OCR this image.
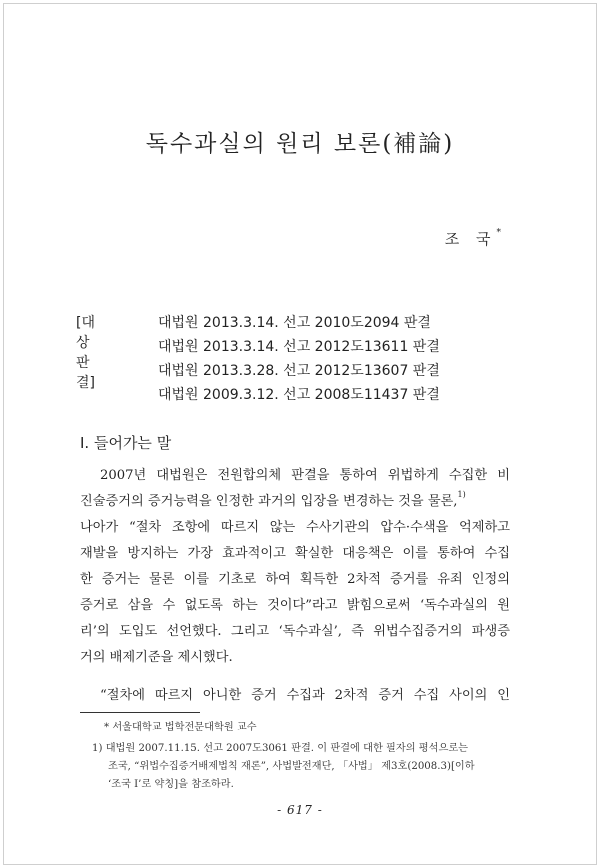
독수과실의 원리 보론(補論)
조 국*
[대상판결]
대법원 2013.3.14. 선고 2010도2094 판결
대법원 2013.3.14. 선고 2012도13611 판결
대법원 2013.3.28. 선고 2012도13607 판결
대법원 2009.3.12. 선고 2008도11437 판결
Ⅰ. 들어가는 말
2007년 대법원은 전원합의체 판결을 통하여 위법하게 수집한 비
진술증거의 증거능력을 인정한 과거의 입장을 변경하는 것을 물론,$^{1)}$
나아가 “절차 조항에 따르지 않는 수사기관의 압수·수색을 억제하고
재발을 방지하는 가장 효과적이고 확실한 대응책은 이를 통하여 수집
한 증거는 물론 이를 기초로 하여 획득한 2차적 증거를 유죄 인정의
증거로 삼을 수 없도록 하는 것이다”라고 밝힘으로써 ‘독수과실의 원
리’의 도입도 선언했다. 그리고 ‘독수과실’, 즉 위법수집증거의 파생증
거의 배제기준을 제시했다.
“절차에 따르지 아니한 증거 수집과 2차적 증거 수집 사이의 인
* 서울대학교 법학전문대학원 교수
1) 대법원 2007.11.15. 선고 2007도3061 판결. 이 판결에 대한 필자의 평석으로는
조국, “위법수집증거배제법칙 재론”, 사법발전재단, 「사법」 제3호(2008.3)[이하
‘조국 Ⅰ’로 약칭]을 참조하라.
- 617 -
